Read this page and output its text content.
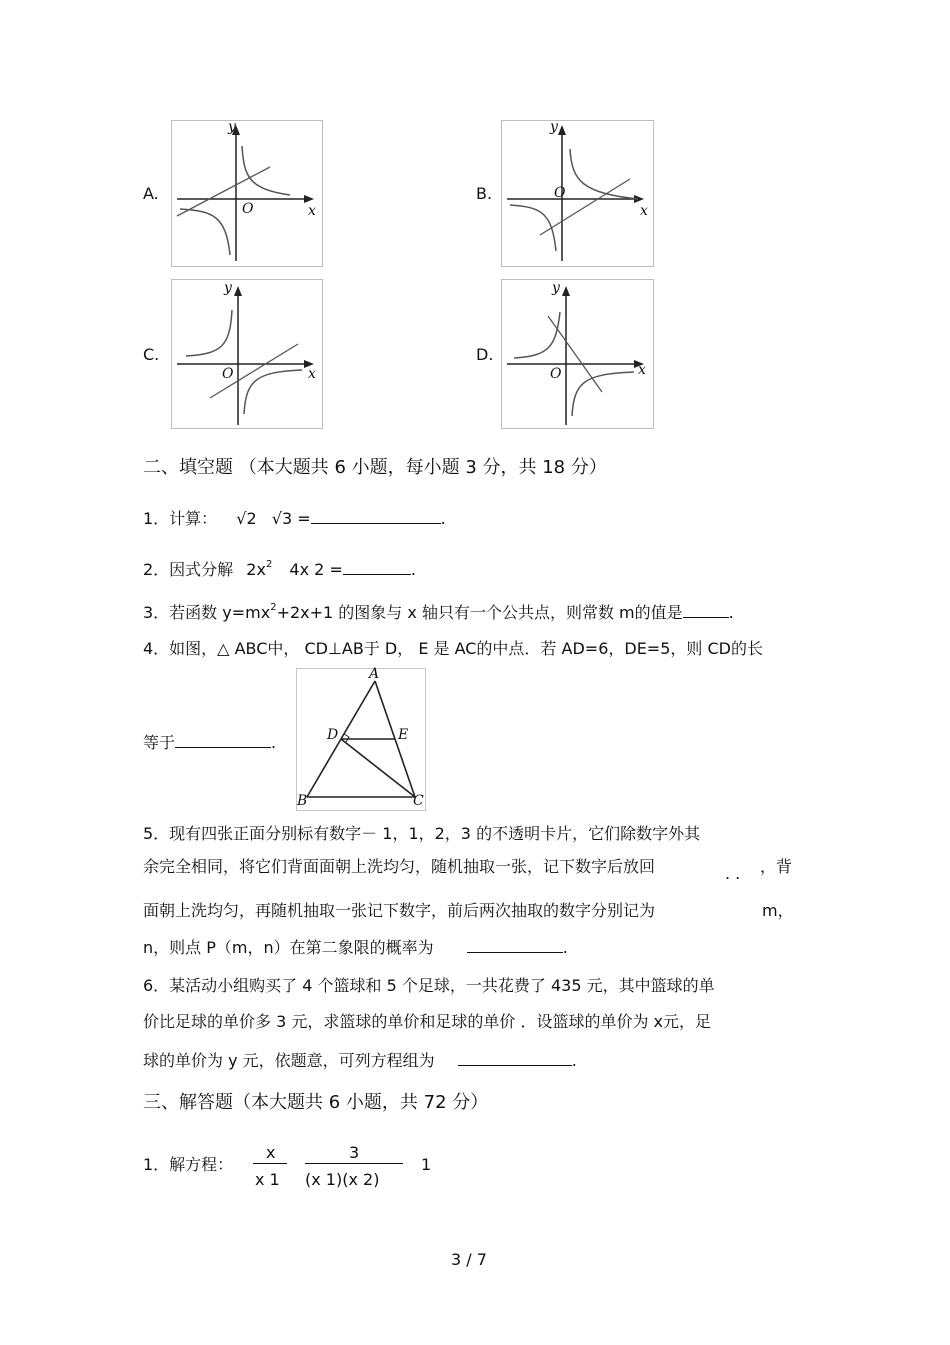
A.
y
x
O
B.
y
x
O
C.
y
x
O
D.
y
x
O
二、填空题 （本大题共 6 小题，每小题 3 分，共 18 分）
1．计算： √2 √3 =	.
2．因式分解 $2x^2$ 4x 2 =	.
3．若函数 $y=mx^2+2x+1$ 的图象与 x 轴只有一个公共点，则常数 m的值是	.
4．如图，△ ABC中， CD⊥AB于 D， E 是 AC的中点．若 AD=6，DE=5，则 CD的长
等于	.
A
D	E
B	C
5．现有四张正面分别标有数字－ 1，1，2，3 的不透明卡片，它们除数字外其
余完全相同，将它们背面面朝上洗均匀，随机抽取一张，记下数字后放回	. . ，背
面朝上洗均匀，再随机抽取一张记下数字，前后两次抽取的数字分别记为	m，
n，则点 P（m，n）在第二象限的概率为	.
6．某活动小组购买了 4 个篮球和 5 个足球，一共花费了 435 元，其中篮球的单
价比足球的单价多 3 元，求篮球的单价和足球的单价 ．设篮球的单价为 x元，足
球的单价为 y 元，依题意，可列方程组为	.
三、解答题（本大题共 6 小题，共 72 分）
1．解方程：
x
x 1
3
(x 1)(x 2)
1
3 / 7
